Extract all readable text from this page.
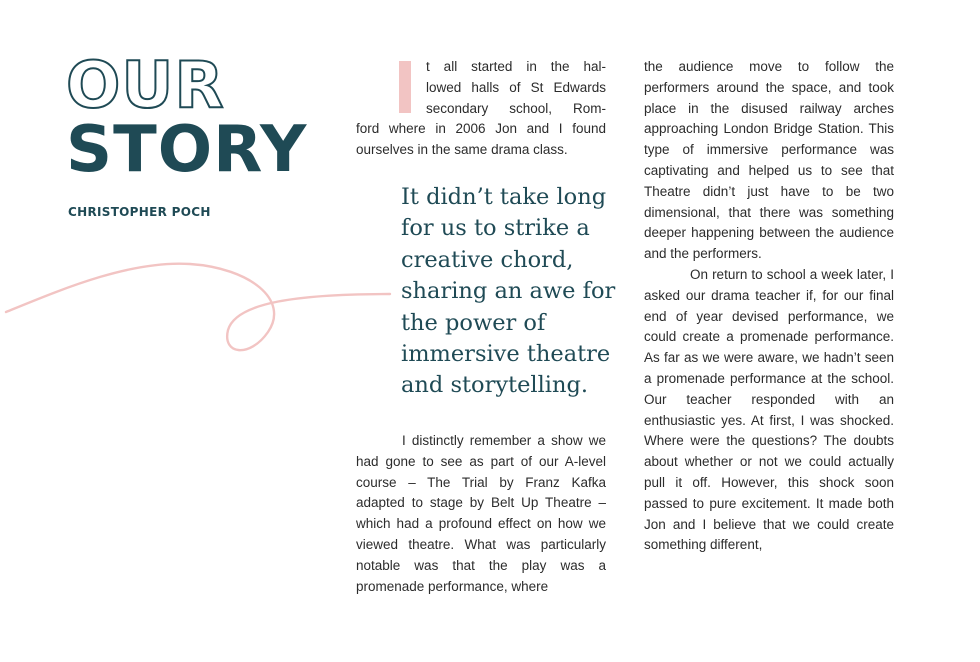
OUR
STORY
CHRISTOPHER POCH
t all started in the hal-
lowed halls of St Edwards
secondary school, Rom-
ford where in 2006 Jon and I found ourselves in the same drama class.

It didn’t take long for us to strike a creative chord, sharing an awe for the power of immersive theatre and storytelling.

I distinctly remember a show we had gone to see as part of our A-level course – The Trial by Franz Kafka adapted to stage by Belt Up Theatre – which had a profound effect on how we viewed theatre. What was particularly notable was that the play was a promenade performance, where

the audience move to follow the performers around the space, and took place in the disused railway arches approaching London Bridge Station. This type of immersive performance was captivating and helped us to see that Theatre didn’t just have to be two dimensional, that there was something deeper happening between the audience and the performers.

On return to school a week later, I asked our drama teacher if, for our final end of year devised performance, we could create a promenade performance. As far as we were aware, we hadn’t seen a promenade performance at the school. Our teacher responded with an enthusiastic yes. At first, I was shocked. Where were the questions? The doubts about whether or not we could actually pull it off. However, this shock soon passed to pure excitement. It made both Jon and I believe that we could create something different,
